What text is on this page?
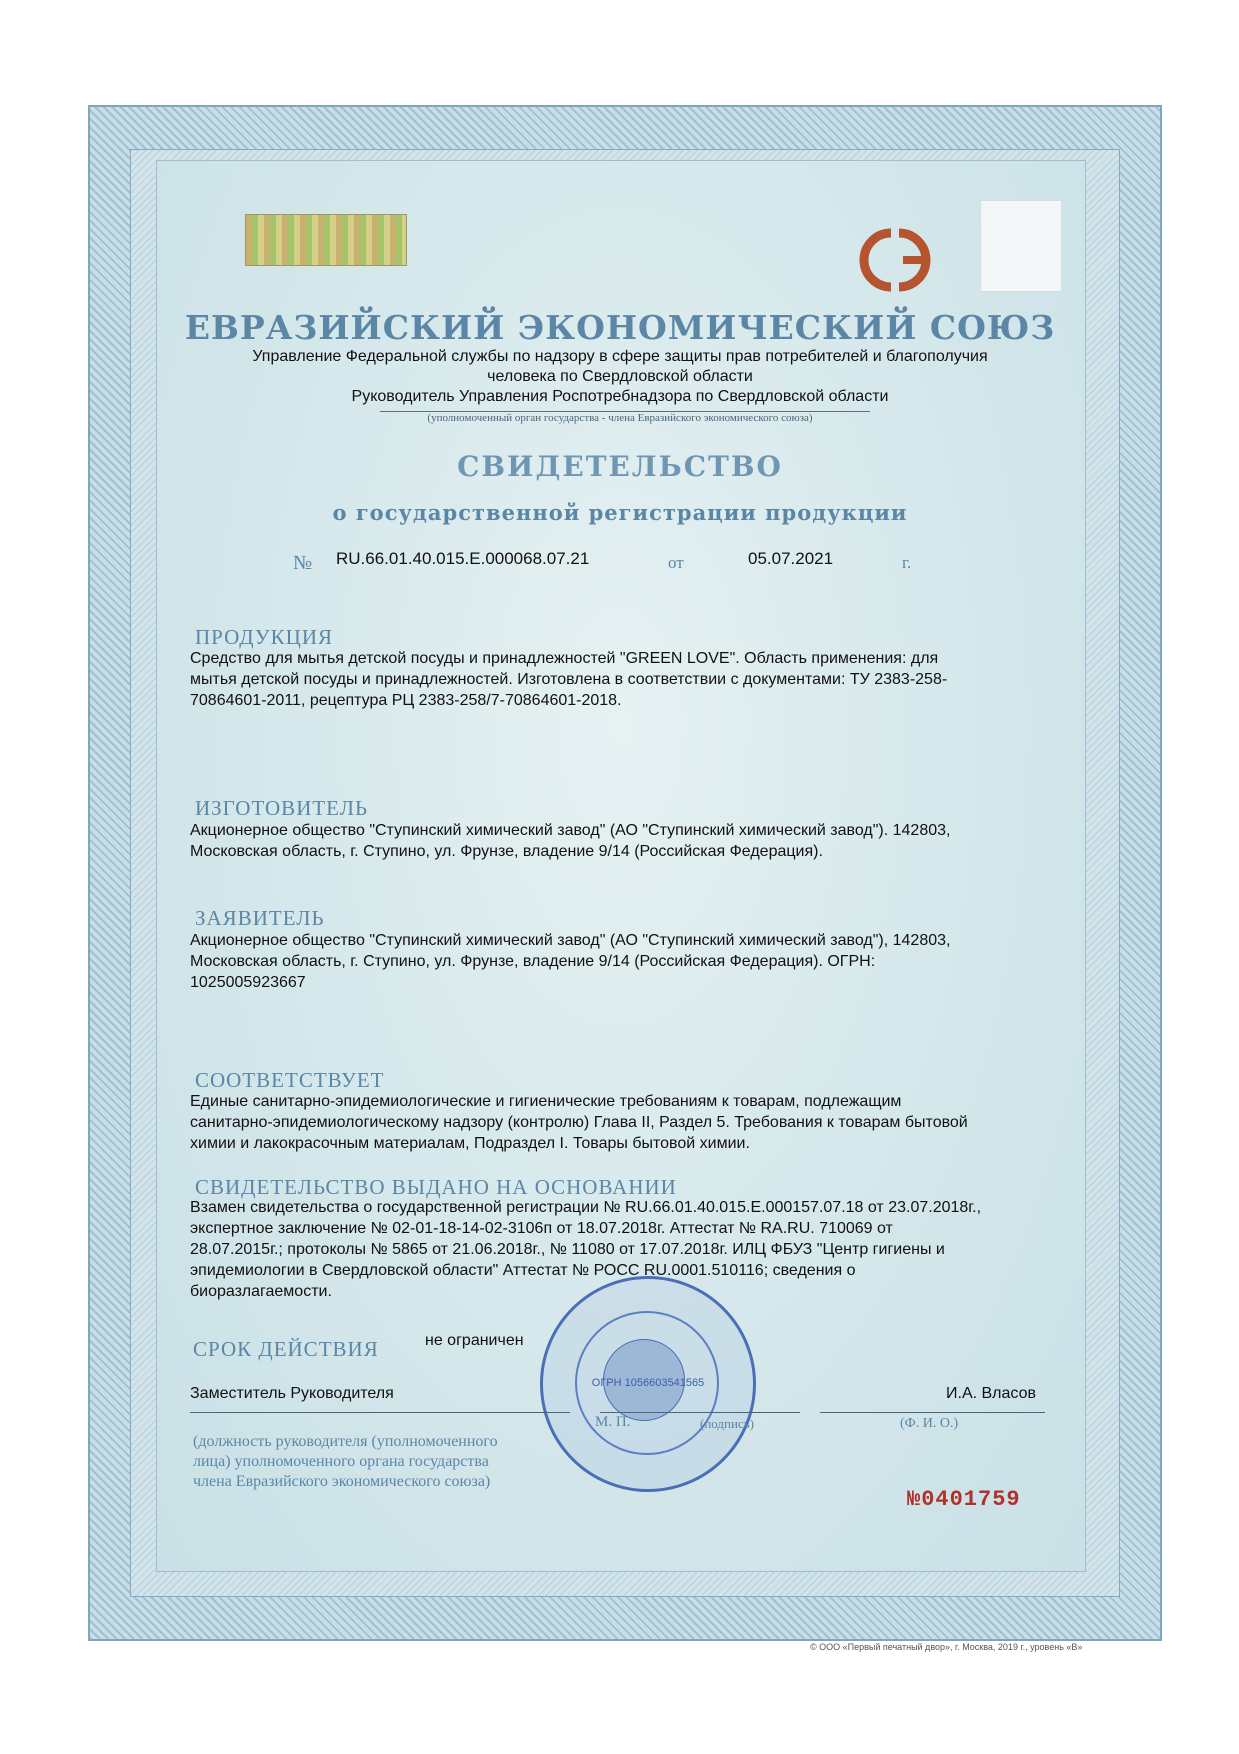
ЕВРАЗИЙСКИЙ ЭКОНОМИЧЕСКИЙ СОЮЗ
Управление Федеральной службы по надзору в сфере защиты прав потребителей и благополучия
человека по Свердловской области
Руководитель Управления Роспотребнадзора по Свердловской области
(уполномоченный орган государства - члена Евразийского экономического союза)
СВИДЕТЕЛЬСТВО
о государственной регистрации продукции
№ RU.66.01.40.015.E.000068.07.21	от	05.07.2021	г.
ПРОДУКЦИЯ
Средство для мытья детской посуды и принадлежностей "GREEN LOVE". Область применения: для
мытья детской посуды и принадлежностей. Изготовлена в соответствии с документами: ТУ 2383-258-
70864601-2011, рецептура РЦ 2383-258/7-70864601-2018.
ИЗГОТОВИТЕЛЬ
Акционерное общество "Ступинский химический завод" (АО "Ступинский химический завод"). 142803,
Московская область, г. Ступино, ул. Фрунзе, владение 9/14 (Российская Федерация).
ЗАЯВИТЕЛЬ
Акционерное общество "Ступинский химический завод" (АО "Ступинский химический завод"), 142803,
Московская область, г. Ступино, ул. Фрунзе, владение 9/14 (Российская Федерация). ОГРН:
1025005923667
СООТВЕТСТВУЕТ
Единые санитарно-эпидемиологические и гигиенические требованиям к товарам, подлежащим
санитарно-эпидемиологическому надзору (контролю) Глава II, Раздел 5. Требования к товарам бытовой
химии и лакокрасочным материалам, Подраздел I. Товары бытовой химии.
СВИДЕТЕЛЬСТВО ВЫДАНО НА ОСНОВАНИИ
Взамен свидетельства о государственной регистрации № RU.66.01.40.015.E.000157.07.18 от 23.07.2018г.,
экспертное заключение № 02-01-18-14-02-3106п от 18.07.2018г. Аттестат № RA.RU. 710069 от
28.07.2015г.; протоколы № 5865 от 21.06.2018г., № 11080 от 17.07.2018г. ИЛЦ ФБУЗ "Центр гигиены и
эпидемиологии в Свердловской области" Аттестат № РОСС RU.0001.510116; сведения о
биоразлагаемости.
ОГРН 1056603541565
СРОК ДЕЙСТВИЯ	не ограничен
Заместитель Руководителя	И.А. Власов
М. П.	(подпись)	(Ф. И. О.)
(должность руководителя (уполномоченного
лица) уполномоченного органа государства
члена Евразийского экономического союза)
№0401759
© ООО «Первый печатный двор», г. Москва, 2019 г., уровень «В»
